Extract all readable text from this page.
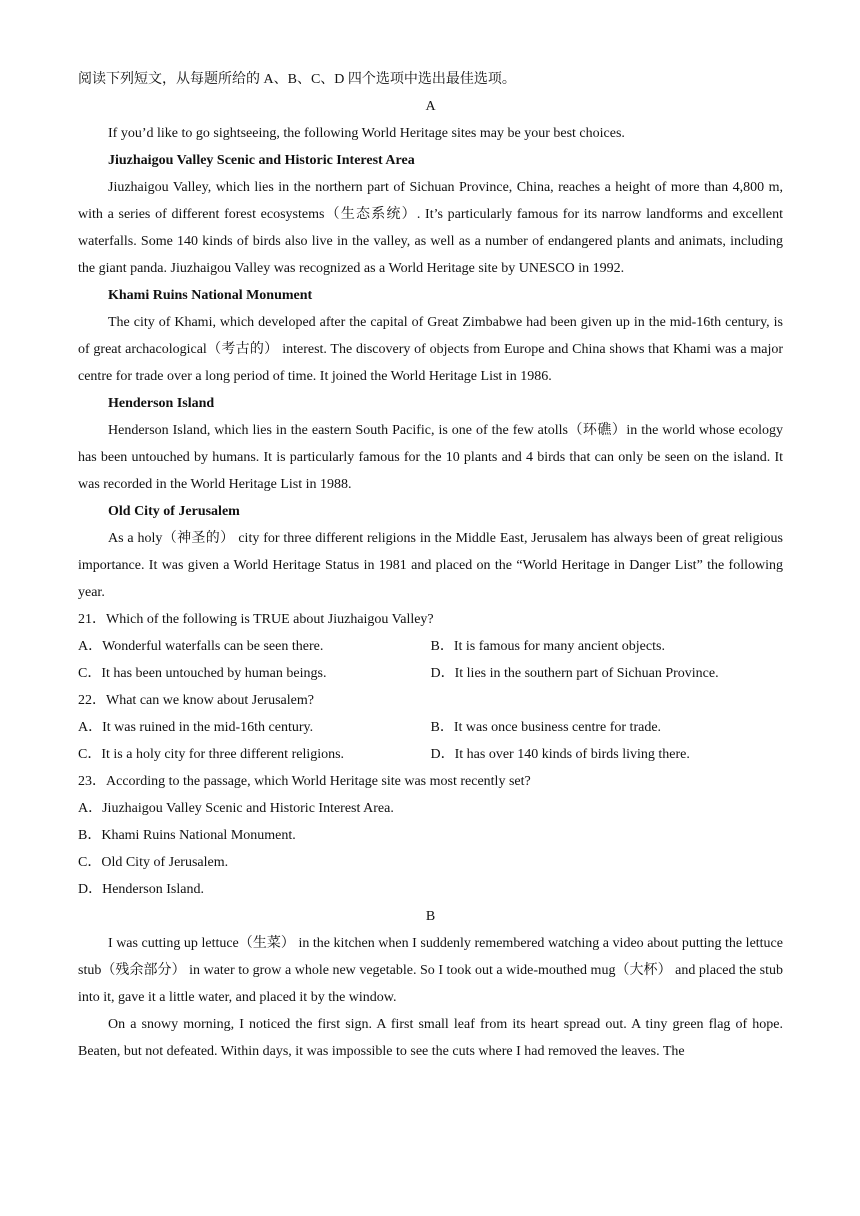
阅读下列短文，从每题所给的 A、B、C、D 四个选项中选出最佳选项。

A

If you’d like to go sightseeing, the following World Heritage sites may be your best choices.

Jiuzhaigou Valley Scenic and Historic Interest Area

Jiuzhaigou Valley, which lies in the northern part of Sichuan Province, China, reaches a height of more than 4,800 m, with a series of different forest ecosystems（生态系统）. It’s particularly famous for its narrow landforms and excellent waterfalls. Some 140 kinds of birds also live in the valley, as well as a number of endangered plants and animats, including the giant panda. Jiuzhaigou Valley was recognized as a World Heritage site by UNESCO in 1992.

Khami Ruins National Monument

The city of Khami, which developed after the capital of Great Zimbabwe had been given up in the mid-16th century, is of great archacological（考古的） interest. The discovery of objects from Europe and China shows that Khami was a major centre for trade over a long period of time. It joined the World Heritage List in 1986.

Henderson Island

Henderson Island, which lies in the eastern South Pacific, is one of the few atolls（环礁）in the world whose ecology has been untouched by humans. It is particularly famous for the 10 plants and 4 birds that can only be seen on the island. It was recorded in the World Heritage List in 1988.

Old City of Jerusalem

As a holy（神圣的） city for three different religions in the Middle East, Jerusalem has always been of great religious importance. It was given a World Heritage Status in 1981 and placed on the “World Heritage in Danger List” the following year.

21．Which of the following is TRUE about Jiuzhaigou Valley?

A．Wonderful waterfalls can be seen there.	B．It is famous for many ancient objects.
C．It has been untouched by human beings.	D．It lies in the southern part of Sichuan Province.

22．What can we know about Jerusalem?

A．It was ruined in the mid-16th century.	B．It was once business centre for trade.
C．It is a holy city for three different religions.	D．It has over 140 kinds of birds living there.

23．According to the passage, which World Heritage site was most recently set?

A．Jiuzhaigou Valley Scenic and Historic Interest Area.

B．Khami Ruins National Monument.

C．Old City of Jerusalem.

D．Henderson Island.

B

I was cutting up lettuce（生菜） in the kitchen when I suddenly remembered watching a video about putting the lettuce stub（残余部分） in water to grow a whole new vegetable. So I took out a wide-mouthed mug（大杯） and placed the stub into it, gave it a little water, and placed it by the window.

On a snowy morning, I noticed the first sign. A first small leaf from its heart spread out. A tiny green flag of hope. Beaten, but not defeated. Within days, it was impossible to see the cuts where I had removed the leaves. The
